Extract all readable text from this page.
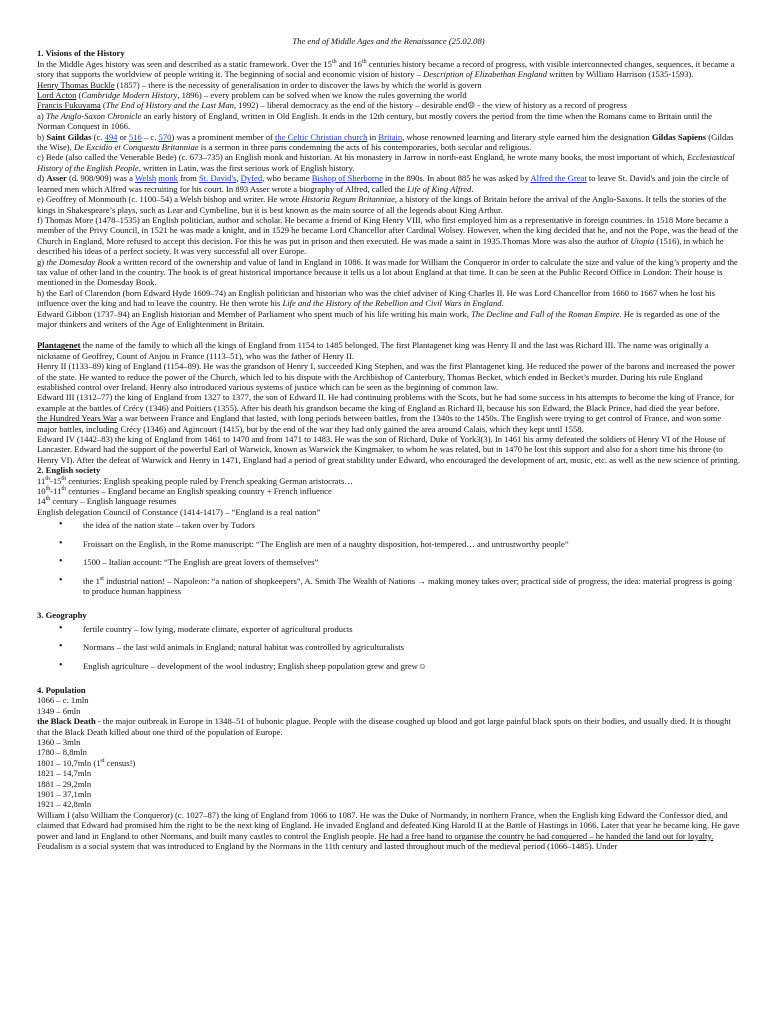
The end of Middle Ages and the Renaissance (25.02.08)

1. Visions of the History
In the Middle Ages history was seen and described as a static framework. Over the 15th and 16th centuries history became a record of progress, with visible interconnected changes, sequences, it became a story that supports the worldview of people writing it. The beginning of social and economic vision of history – Description of Elizabethan England written by William Harrison (1535-1593).

Henry Thomas Buckle (1857) – there is the necessity of generalisation in order to discover the laws by which the world is govern

Lord Acton (Cambridge Modern History, 1896) – every problem can be solved when we know the rules governing the world

Francis Fukuyama (The End of History and the Last Man, 1992) – liberal democracy as the end of the history – desirable end☹ - the view of history as a record of progress

a) The Anglo-Saxon Chronicle an early history of England, written in Old English. It ends in the 12th century, but mostly covers the period from the time when the Romans came to Britain until the Norman Conquest in 1066.

b) Saint Gildas (c. 494 or 516 – c. 570) was a prominent member of the Celtic Christian church in Britain, whose renowned learning and literary style earned him the designation Gildas Sapiens (Gildas the Wise). De Excidio et Conquestu Britanniae is a sermon in three parts condemning the acts of his contemporaries, both secular and religious.

c) Bede (also called the Venerable Bede) (c. 673–735) an English monk and historian. At his monastery in Jarrow in north-east England, he wrote many books, the most important of which, Ecclesiastical History of the English People, written in Latin, was the first serious work of English history.

d) Asser (d. 908/909) was a Welsh monk from St. David's, Dyfed, who became Bishop of Sherborne in the 890s. In about 885 he was asked by Alfred the Great to leave St. David's and join the circle of learned men which Alfred was recruiting for his court. In 893 Asser wrote a biography of Alfred, called the Life of King Alfred.

e) Geoffrey of Monmouth (c. 1100–54) a Welsh bishop and writer. He wrote Historia Regum Britanniae, a history of the kings of Britain before the arrival of the Anglo-Saxons. It tells the stories of the kings in Shakespeare’s plays, such as Lear and Cymbeline, but it is best known as the main source of all the legends about King Arthur.

f) Thomas More (1478–1535) an English politician, author and scholar. He became a friend of King Henry VIII, who first employed him as a representative in foreign countries. In 1518 More became a member of the Privy Council, in 1521 he was made a knight, and in 1529 he became Lord Chancellor after Cardinal Wolsey. However, when the king decided that he, and not the Pope, was the head of the Church in England, More refused to accept this decision. For this he was put in prison and then executed. He was made a saint in 1935.Thomas More was also the author of Utopia (1516), in which he described his ideas of a perfect society. It was very successful all over Europe.

g) the Domesday Book a written record of the ownership and value of land in England in 1086. It was made for William the Conqueror in order to calculate the size and value of the king’s property and the tax value of other land in the country. The book is of great historical importance because it tells us a lot about England at that time. It can be seen at the Public Record Office in London: Their house is mentioned in the Domesday Book.

h) the Earl of Clarendon (born Edward Hyde 1609–74) an English politician and historian who was the chief adviser of King Charles II. He was Lord Chancellor from 1660 to 1667 when he lost his influence over the king and had to leave the country. He then wrote his Life and the History of the Rebellion and Civil Wars in England.

Edward Gibbon (1737–94) an English historian and Member of Parliament who spent much of his life writing his main work, The Decline and Fall of the Roman Empire. He is regarded as one of the major thinkers and writers of the Age of Enlightenment in Britain.

Plantagenet the name of the family to which all the kings of England from 1154 to 1485 belonged. The first Plantagenet king was Henry II and the last was Richard III. The name was originally a nickname of Geoffrey, Count of Anjou in France (1113–51), who was the father of Henry II.

Henry II (1133–89) king of England (1154–89). He was the grandson of Henry I, succeeded King Stephen, and was the first Plantagenet king. He reduced the power of the barons and increased the power of the state. He wanted to reduce the power of the Church, which led to his dispute with the Archbishop of Canterbury, Thomas Becket, which ended in Becket’s murder. During his rule England established control over Ireland. Henry also introduced various systems of justice which can be seen as the beginning of common law.

Edward III (1312–77) the king of England from 1327 to 1377, the son of Edward II. He had continuing problems with the Scots, but he had some success in his attempts to become the king of France, for example at the battles of Crécy (1346) and Poitiers (1355). After his death his grandson became the king of England as Richard II, because his son Edward, the Black Prince, had died the year before.

the Hundred Years War a war between France and England that lasted, with long periods between battles, from the 1340s to the 1450s. The English were trying to get control of France, and won some major battles, including Crécy (1346) and Agincourt (1415), but by the end of the war they had only gained the area around Calais, which they kept until 1558.

Edward IV (1442–83) the king of England from 1461 to 1470 and from 1471 to 1483. He was the son of Richard, Duke of York3(3). In 1461 his army defeated the soldiers of Henry VI of the House of Lancaster. Edward had the support of the powerful Earl of Warwick, known as Warwick the Kingmaker, to whom he was related, but in 1470 he lost this support and also for a short time his throne (to Henry VI). After the defeat of Warwick and Henry in 1471, England had a period of great stability under Edward, who encouraged the development of art, music, etc. as well as the new science of printing.

2. English society

11th-15th centuries: English speaking people ruled by French speaking German aristocrats…

10th-11th centuries – England became an English speaking country + French influence

14th century – English language resumes

English delegation Council of Constance (1414-1417) – “England is a real nation”

• the idea of the nation state – taken over by Tudors
• Froissart on the English, in the Rome manuscript: “The English are men of a naughty disposition, hot-tempered… and untrustworthy people”
• 1500 – Italian account: “The English are great lovers of themselves”
• the 1st industrial nation! – Napoleon: “a nation of shopkeepers”, A. Smith The Wealth of Nations → making money takes over; practical side of progress, the idea: material progress is going to produce human happiness

3. Geography

• fertile country – low lying, moderate climate, exporter of agricultural products
• Normans – the last wild animals in England; natural habitat was controlled by agriculturalists
• English agriculture – development of the wool industry; English sheep population grew and grew☺

4. Population

1066 – c. 1mln

1349 – 6mln

the Black Death - the major outbreak in Europe in 1348–51 of bubonic plague. People with the disease coughed up blood and got large painful black spots on their bodies, and usually died. It is thought that the Black Death killed about one third of the population of Europe.

1360 – 3mln

1780 – 8,8mln

1801 – 10,7mln (1st census!)

1821 – 14,7mln

1881 – 29,2mln

1901 – 37,1mln

1921 – 42,8mln

William I (also William the Conqueror) (c. 1027–87) the king of England from 1066 to 1087. He was the Duke of Normandy, in northern France, when the English king Edward the Confessor died, and claimed that Edward had promised him the right to be the next king of England. He invaded England and defeated King Harold II at the Battle of Hastings in 1066. Later that year he became king. He gave power and land in England to other Normans, and built many castles to control the English people. He had a free hand to organise the country he had conquered – he handed the land out for loyalty.

Feudalism is a social system that was introduced to England by the Normans in the 11th century and lasted throughout much of the medieval period (1066–1485). Under
